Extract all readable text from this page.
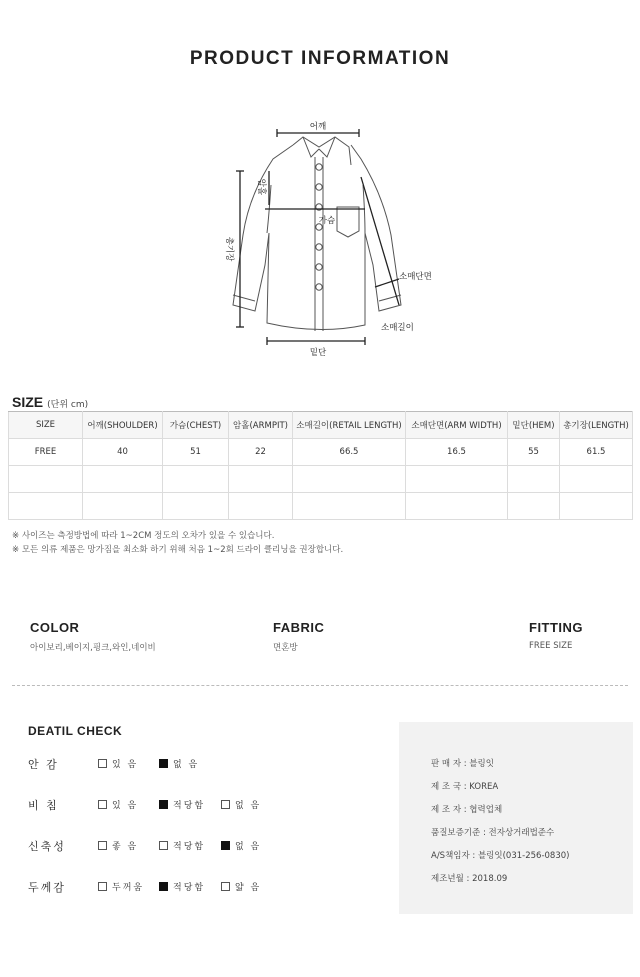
PRODUCT INFORMATION
어깨
가슴
소매단면
소매길이
밑단
암홀
총기장
SIZE (단위 cm)
SIZE	어깨(SHOULDER)	가슴(CHEST)	암홀(ARMPIT)	소매길이(RETAIL LENGTH)	소매단면(ARM WIDTH)	밑단(HEM)	총기장(LENGTH)
FREE	40	51	22	66.5	16.5	55	61.5

※ 사이즈는 측정방법에 따라 1~2CM 정도의 오차가 있을 수 있습니다.
※ 모든 의류 제품은 망가짐을 최소화 하기 위해 처음 1~2회 드라이 클리닝을 권장합니다.
COLOR
아이보리,베이지,핑크,와인,네이비
FABRIC
면혼방
FITTING
FREE SIZE
DEATIL CHECK
안 감	있 음	없 음
비 침	있 음	적당함	없 음
신축성	좋 음	적당함	없 음
두께감	두꺼움	적당함	얇 음
판 매 자 : 블링잇
제 조 국 : KOREA
제 조 자 : 협력업체
품질보증기준 : 전자상거래법준수
A/S책임자 : 블링잇(031-256-0830)
제조년월 : 2018.09
